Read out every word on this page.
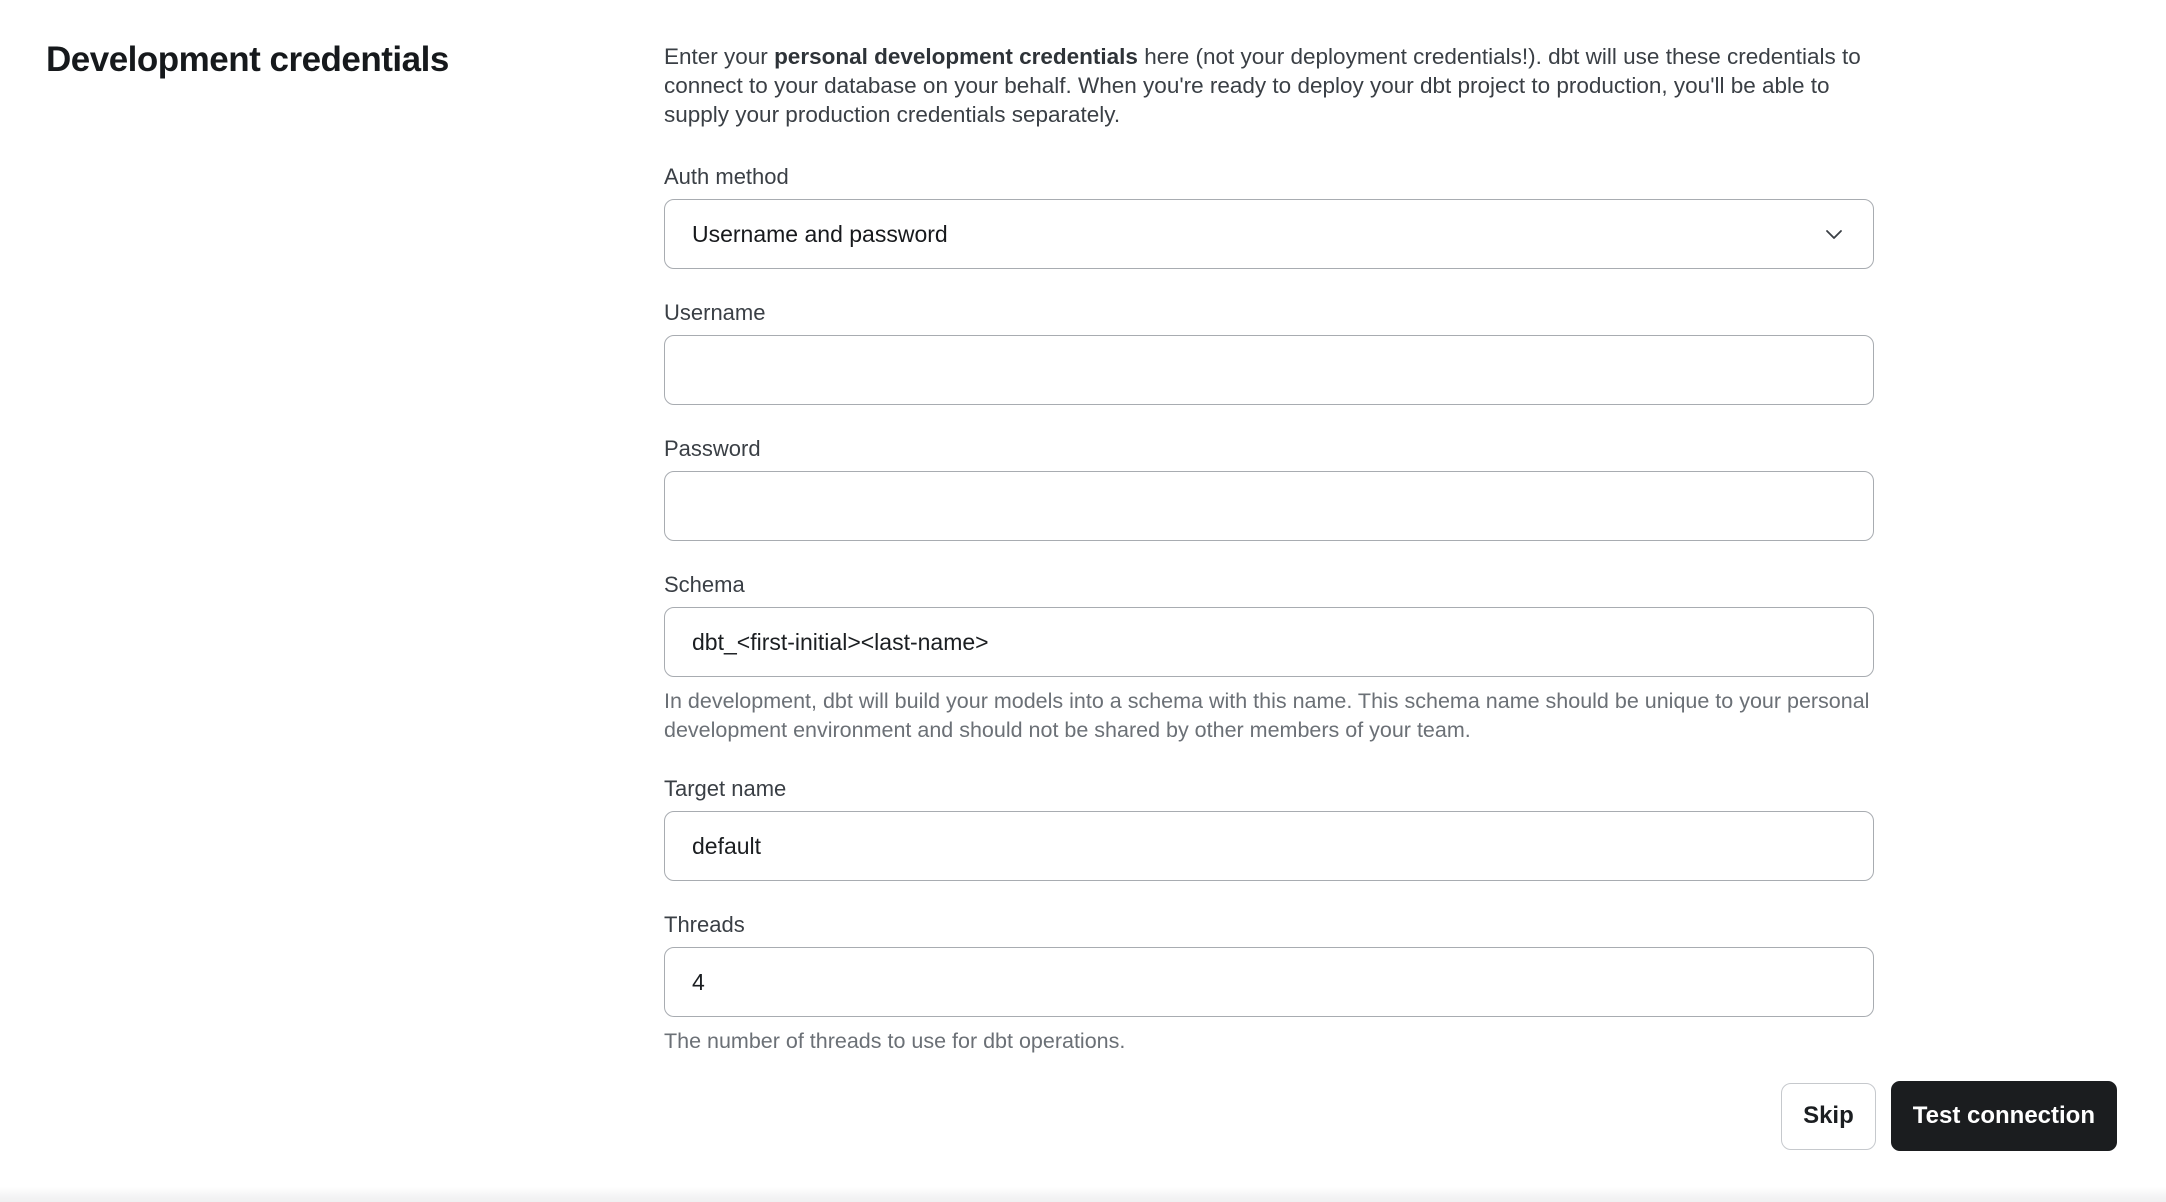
Development credentials	Enter your personal development credentials here (not your deployment credentials!). dbt will use these credentials to connect to your database on your behalf. When you're ready to deploy your dbt project to production, you'll be able to supply your production credentials separately.

Auth method
Username and password
Username
Password
Schema
dbt_<first-initial><last-name>

In development, dbt will build your models into a schema with this name. This schema name should be unique to your personal development environment and should not be shared by other members of your team.

Target name
default
Threads
4

The number of threads to use for dbt operations.

Skip	Test connection
